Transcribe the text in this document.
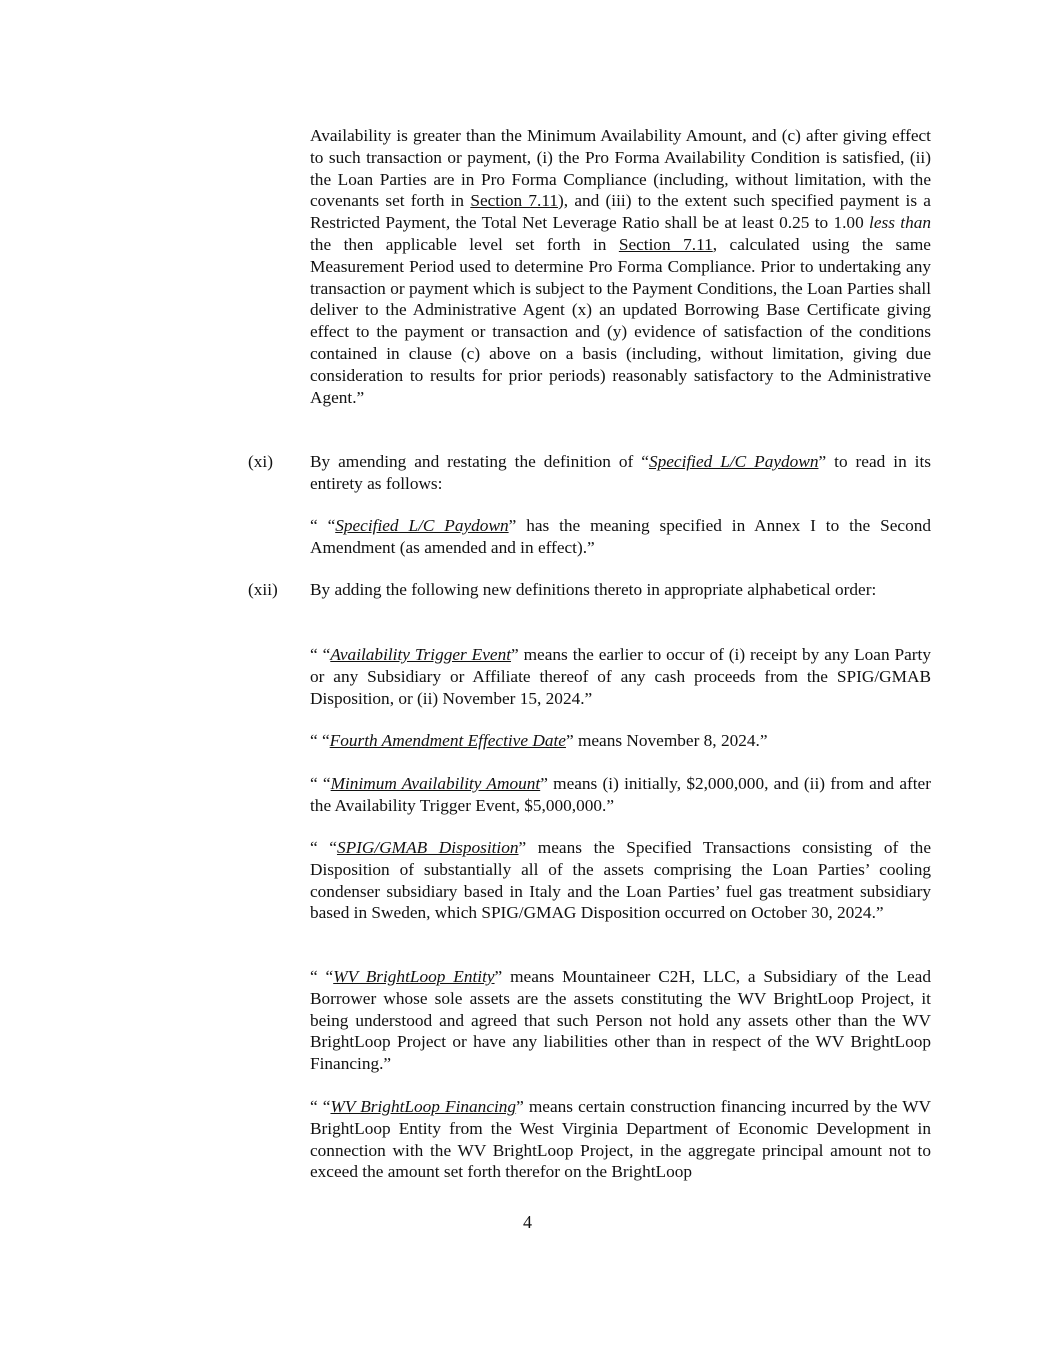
Availability is greater than the Minimum Availability Amount, and (c) after giving effect to such transaction or payment, (i) the Pro Forma Availability Condition is satisfied, (ii) the Loan Parties are in Pro Forma Compliance (including, without limitation, with the covenants set forth in Section 7.11), and (iii) to the extent such specified payment is a Restricted Payment, the Total Net Leverage Ratio shall be at least 0.25 to 1.00 less than the then applicable level set forth in Section 7.11, calculated using the same Measurement Period used to determine Pro Forma Compliance. Prior to undertaking any transaction or payment which is subject to the Payment Conditions, the Loan Parties shall deliver to the Administrative Agent (x) an updated Borrowing Base Certificate giving effect to the payment or transaction and (y) evidence of satisfaction of the conditions contained in clause (c) above on a basis (including, without limitation, giving due consideration to results for prior periods) reasonably satisfactory to the Administrative Agent.”
(xi) By amending and restating the definition of “Specified L/C Paydown” to read in its entirety as follows:
“ “Specified L/C Paydown” has the meaning specified in Annex I to the Second Amendment (as amended and in effect).”
(xii) By adding the following new definitions thereto in appropriate alphabetical order:
“ “Availability Trigger Event” means the earlier to occur of (i) receipt by any Loan Party or any Subsidiary or Affiliate thereof of any cash proceeds from the SPIG/GMAB Disposition, or (ii) November 15, 2024.”
“ “Fourth Amendment Effective Date” means November 8, 2024.”
“ “Minimum Availability Amount” means (i) initially, $2,000,000, and (ii) from and after the Availability Trigger Event, $5,000,000.”
“ “SPIG/GMAB Disposition” means the Specified Transactions consisting of the Disposition of substantially all of the assets comprising the Loan Parties’ cooling condenser subsidiary based in Italy and the Loan Parties’ fuel gas treatment subsidiary based in Sweden, which SPIG/GMAG Disposition occurred on October 30, 2024.”
“ “WV BrightLoop Entity” means Mountaineer C2H, LLC, a Subsidiary of the Lead Borrower whose sole assets are the assets constituting the WV BrightLoop Project, it being understood and agreed that such Person not hold any assets other than the WV BrightLoop Project or have any liabilities other than in respect of the WV BrightLoop Financing.”
“ “WV BrightLoop Financing” means certain construction financing incurred by the WV BrightLoop Entity from the West Virginia Department of Economic Development in connection with the WV BrightLoop Project, in the aggregate principal amount not to exceed the amount set forth therefor on the BrightLoop
4
